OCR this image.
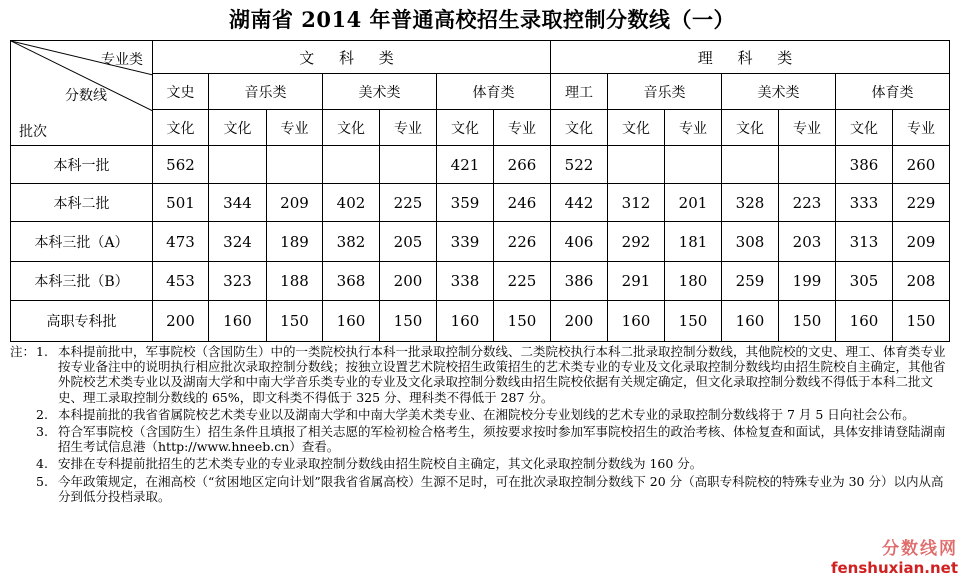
湖南省 2014 年普通高校招生录取控制分数线（一）
专业类
分数线
批次	文 科 类							理 科 类						
	文史	音乐类		美术类		体育类		理工	音乐类		美术类		体育类	
	文化	文化	专业	文化	专业	文化	专业	文化	文化	专业	文化	专业	文化	专业
本科一批	562					421	266	522					386	260
本科二批	501	344	209	402	225	359	246	442	312	201	328	223	333	229
本科三批（A）	473	324	189	382	205	339	226	406	292	181	308	203	313	209
本科三批（B）	453	323	188	368	200	338	225	386	291	180	259	199	305	208
高职专科批	200	160	150	160	150	160	150	200	160	150	160	150	160	150
注： 1. 本科提前批中，军事院校（含国防生）中的一类院校执行本科一批录取控制分数线、二类院校执行本科二批录取控制分数线，其他院校的文史、理工、体育类专业按专业备注中的说明执行相应批次录取控制分数线；按独立设置艺术院校招生政策招生的艺术类专业的专业及文化录取控制分数线均由招生院校自主确定，其他省外院校艺术类专业以及湖南大学和中南大学音乐类专业的专业及文化录取控制分数线由招生院校依据有关规定确定，但文化录取控制分数线不得低于本科二批文史、理工录取控制分数线的 65%，即文科类不得低于 325 分、理科类不得低于 287 分。
2. 本科提前批的我省省属院校艺术类专业以及湖南大学和中南大学美术类专业、在湘院校分专业划线的艺术专业的录取控制分数线将于 7 月 5 日向社会公布。
3. 符合军事院校（含国防生）招生条件且填报了相关志愿的军检初检合格考生，须按要求按时参加军事院校招生的政治考核、体检复查和面试，具体安排请登陆湖南招生考试信息港（http://www.hneeb.cn）查看。
4. 安排在专科提前批招生的艺术类专业的专业录取控制分数线由招生院校自主确定，其文化录取控制分数线为 160 分。
5. 今年政策规定，在湘高校（“贫困地区定向计划”限我省省属高校）生源不足时，可在批次录取控制分数线下 20 分（高职专科院校的特殊专业为 30 分）以内从高分到低分投档录取。
分数线网
fenshuxian.net
